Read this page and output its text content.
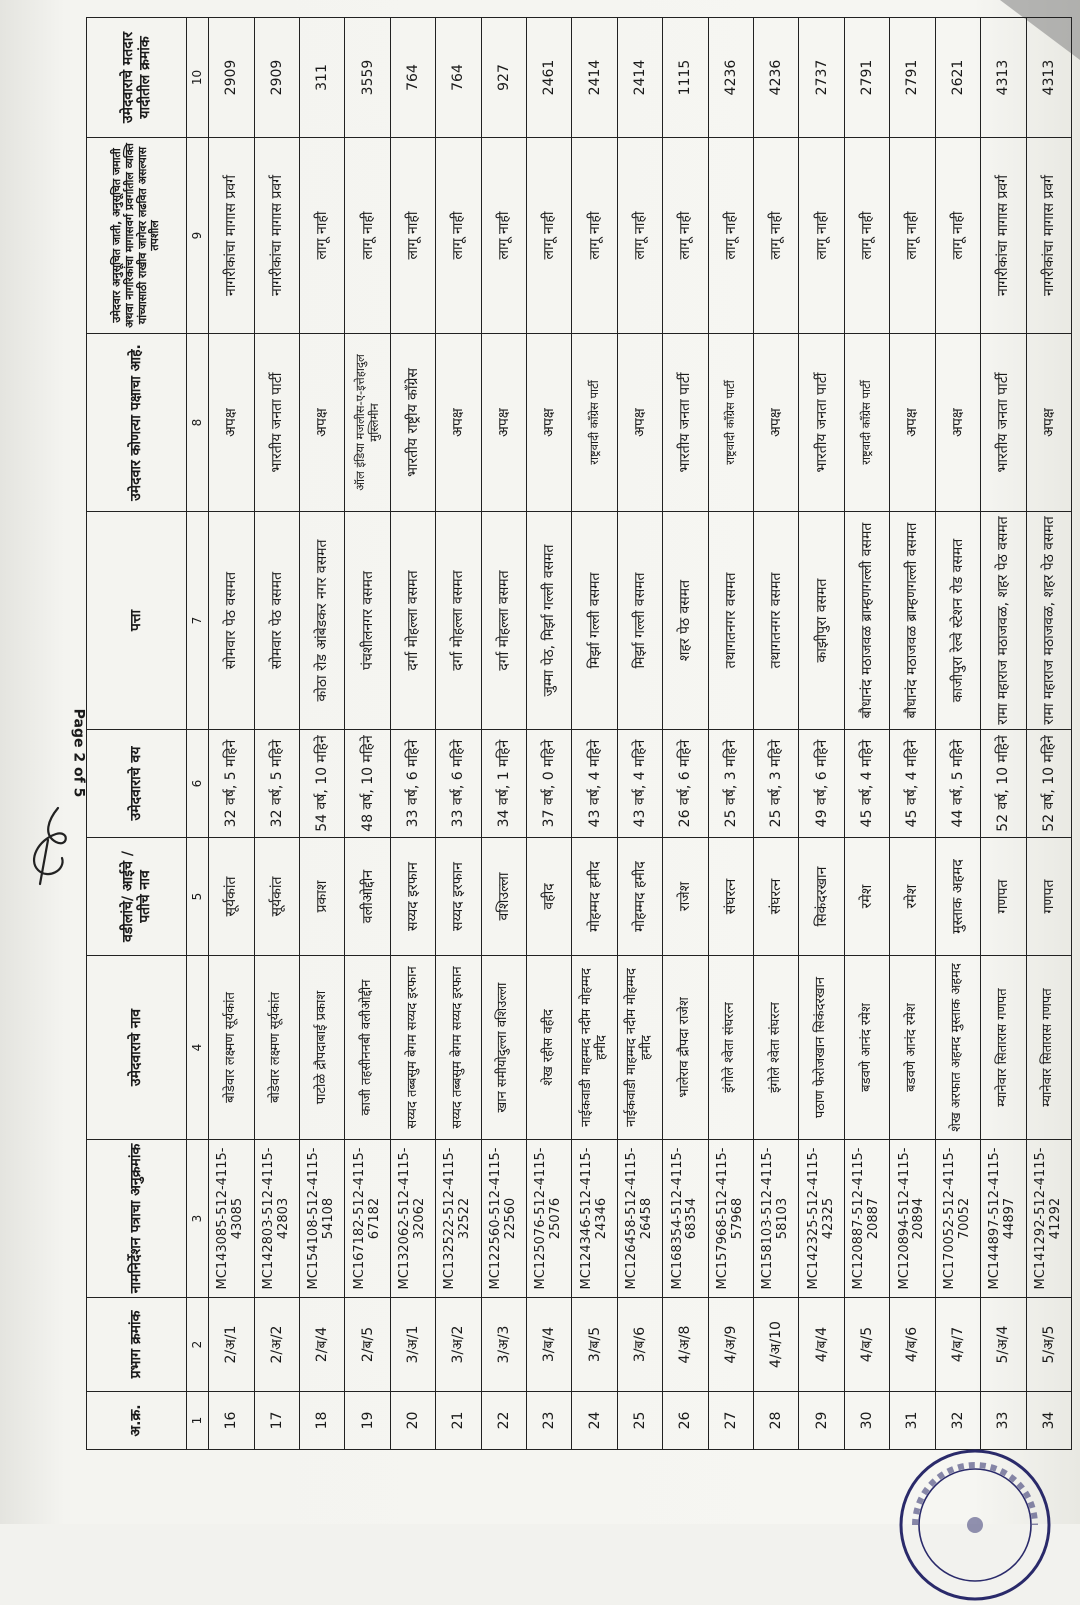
अ.क्र.	प्रभाग क्रमांक	नामनिर्देशन पत्राचा अनुक्रमांक	उमेदवाराचे नाव	वडीलांचे/ आईचे / पतीचे नाव	उमेदवाराचे वय	पत्ता	उमेदवार कोणत्या पक्षाचा आहे.	उमेदवार अनुसूचित जाती, अनुसूचित जमाती अथवा नागरिकांचा मागासवर्ग प्रवर्गातील व्यक्ति यांच्यासाठी राखीव जागेवर लढवित असल्यास तपशील	उमेदवाराचे मतदार यादीतील क्रमांक
1	2	3	4	5	6	7	8	9	10
16	2/अ/1	MC143085-512-4115-43085	बोडेवार लक्ष्मण सूर्यकांत	सूर्यकांत	32 वर्ष, 5 महिने	सोमवार पेठ वसमत	अपक्ष	नागरीकांचा मागास प्रवर्ग	2909
17	2/अ/2	MC142803-512-4115-42803	बोडेवार लक्ष्मण सूर्यकांत	सूर्यकांत	32 वर्ष, 5 महिने	सोमवार पेठ वसमत	भारतीय जनता पार्टी	नागरीकांचा मागास प्रवर्ग	2909
18	2/ब/4	MC154108-512-4115-54108	पाटोळे द्रौपदाबाई प्रकाश	प्रकाश	54 वर्ष, 10 महिने	कोठा रोड आंबेडकर नगर वसमत	अपक्ष	लागू नाही	311
19	2/ब/5	MC167182-512-4115-67182	काजी तहसीननबी वलीओद्दीन	वलीओद्दीन	48 वर्ष, 10 महिने	पंचशीलनगर वसमत	ऑल इंडिया मजलीस-ए-इत्तेहादुल मुस्लिमीन	लागू नाही	3559
20	3/अ/1	MC132062-512-4115-32062	सय्यद तब्बसुम बेगम सय्यद इरफान	सय्यद इरफान	33 वर्ष, 6 महिने	दर्गा मोहल्ला वसमत	भारतीय राष्ट्रीय कॉंग्रेस	लागू नाही	764
21	3/अ/2	MC132522-512-4115-32522	सय्यद तब्बसुम बेगम सय्यद इरफान	सय्यद इरफान	33 वर्ष, 6 महिने	दर्गा मोहल्ला वसमत	अपक्ष	लागू नाही	764
22	3/अ/3	MC122560-512-4115-22560	खान समीयोदुल्ला वशिउल्ला	वशिउल्ला	34 वर्ष, 1 महिने	दर्गा मोहल्ला वसमत	अपक्ष	लागू नाही	927
23	3/ब/4	MC125076-512-4115-25076	शेख रहीस वहीद	वहीद	37 वर्ष, 0 महिने	जुम्मा पेठ, मिर्झा गल्ली वसमत	अपक्ष	लागू नाही	2461
24	3/ब/5	MC124346-512-4115-24346	नाईकवाडी माहम्मद नदीम मोहम्मद हमीद	मोहम्मद हमीद	43 वर्ष, 4 महिने	मिर्झा गल्ली वसमत	राष्ट्रवादी कॉंग्रेस पार्टी	लागू नाही	2414
25	3/ब/6	MC126458-512-4115-26458	नाईकवाडी माहम्मद नदीम मोहम्मद हमीद	मोहम्मद हमीद	43 वर्ष, 4 महिने	मिर्झा गल्ली वसमत	अपक्ष	लागू नाही	2414
26	4/अ/8	MC168354-512-4115-68354	भालेराव द्रौपदा राजेश	राजेश	26 वर्ष, 6 महिने	शहर पेठ वसमत	भारतीय जनता पार्टी	लागू नाही	1115
27	4/अ/9	MC157968-512-4115-57968	इंगोले श्वेता संघरत्न	संघरत्न	25 वर्ष, 3 महिने	तथागतनगर वसमत	राष्ट्रवादी कॉंग्रेस पार्टी	लागू नाही	4236
28	4/अ/10	MC158103-512-4115-58103	इंगोले श्वेता संघरत्न	संघरत्न	25 वर्ष, 3 महिने	तथागतनगर वसमत	अपक्ष	लागू नाही	4236
29	4/ब/4	MC142325-512-4115-42325	पठाण फेरोजखान सिकंदरखान	सिकंदरखान	49 वर्ष, 6 महिने	काझीपुरा वसमत	भारतीय जनता पार्टी	लागू नाही	2737
30	4/ब/5	MC120887-512-4115-20887	बडवणे आनंद रमेश	रमेश	45 वर्ष, 4 महिने	बौधानंद मठाजवळ ब्राम्हणगल्ली वसमत	राष्ट्रवादी कॉंग्रेस पार्टी	लागू नाही	2791
31	4/ब/6	MC120894-512-4115-20894	बडवणे आनंद रमेश	रमेश	45 वर्ष, 4 महिने	बौधानंद मठाजवळ ब्राम्हणगल्ली वसमत	अपक्ष	लागू नाही	2791
32	4/ब/7	MC170052-512-4115-70052	शेख अरफात अहमद मुस्ताक अहमद	मुस्ताक अहमद	44 वर्ष, 5 महिने	काजीपुरा रेल्वे स्टेशन रोड वसमत	अपक्ष	लागू नाही	2621
33	5/अ/4	MC144897-512-4115-44897	म्यानेवार सितारास गणपत	गणपत	52 वर्ष, 10 महिने	रामा महाराज मठाजवळ, शहर पेठ वसमत	भारतीय जनता पार्टी	नागरीकांचा मागास प्रवर्ग	4313
34	5/अ/5	MC141292-512-4115-41292	म्यानेवार सितारास गणपत	गणपत	52 वर्ष, 10 महिने	रामा महाराज मठाजवळ, शहर पेठ वसमत	अपक्ष	नागरीकांचा मागास प्रवर्ग	4313
Page 2 of 5
